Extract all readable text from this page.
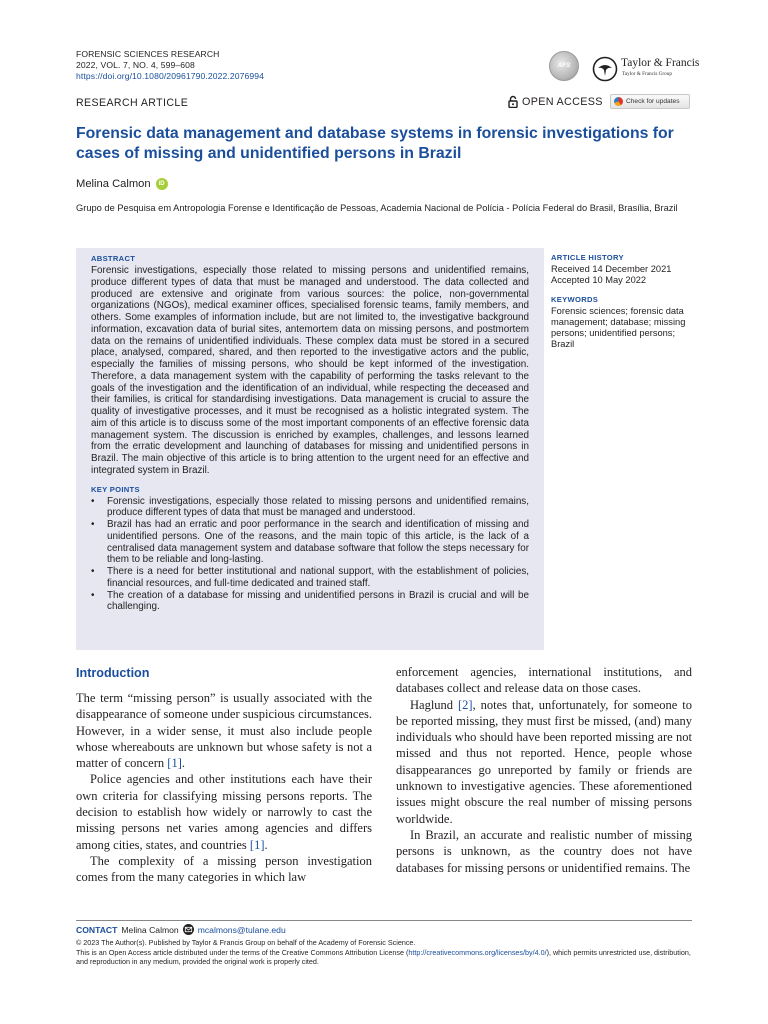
FORENSIC SCIENCES RESEARCH
2022, VOL. 7, NO. 4, 599–608
https://doi.org/10.1080/20961790.2022.2076994
AFS	Taylor & Francis
Taylor & Francis Group
RESEARCH ARTICLE	OPEN ACCESS	Check for updates
Forensic data management and database systems in forensic investigations for cases of missing and unidentified persons in Brazil
Melina Calmon	iD
Grupo de Pesquisa em Antropologia Forense e Identificação de Pessoas, Academia Nacional de Polícia - Polícia Federal do Brasil, Brasília, Brazil
ABSTRACT

Forensic investigations, especially those related to missing persons and unidentified remains, produce different types of data that must be managed and understood. The data collected and produced are extensive and originate from various sources: the police, non-governmental organizations (NGOs), medical examiner offices, specialised forensic teams, family members, and others. Some examples of information include, but are not limited to, the investigative background information, excavation data of burial sites, antemortem data on missing persons, and postmortem data on the remains of unidentified individuals. These complex data must be stored in a secured place, analysed, compared, shared, and then reported to the investigative actors and the public, especially the families of missing persons, who should be kept informed of the investigation. Therefore, a data management system with the capability of performing the tasks relevant to the goals of the investigation and the identification of an individual, while respecting the deceased and their families, is critical for standardising investigations. Data management is crucial to assure the quality of investigative processes, and it must be recognised as a holistic integrated system. The aim of this article is to discuss some of the most important components of an effective forensic data management system. The discussion is enriched by examples, challenges, and lessons learned from the erratic development and launching of databases for missing and unidentified persons in Brazil. The main objective of this article is to bring attention to the urgent need for an effective and integrated system in Brazil.

KEY POINTS
• Forensic investigations, especially those related to missing persons and unidentified remains, produce different types of data that must be managed and understood.
• Brazil has had an erratic and poor performance in the search and identification of missing and unidentified persons. One of the reasons, and the main topic of this article, is the lack of a centralised data management system and database software that follow the steps necessary for them to be reliable and long-lasting.
• There is a need for better institutional and national support, with the establishment of policies, financial resources, and full-time dedicated and trained staff.
• The creation of a database for missing and unidentified persons in Brazil is crucial and will be challenging.
ARTICLE HISTORY
Received 14 December 2021
Accepted 10 May 2022
KEYWORDS
Forensic sciences; forensic data management; database; missing persons; unidentified persons; Brazil
Introduction

The term “missing person” is usually associated with the disappearance of someone under suspicious circumstances. However, in a wider sense, it must also include people whose whereabouts are unknown but whose safety is not a matter of concern [1].

Police agencies and other institutions each have their own criteria for classifying missing persons reports. The decision to establish how widely or narrowly to cast the missing persons net varies among agencies and differs among cities, states, and countries [1].

The complexity of a missing person investigation comes from the many categories in which law

enforcement agencies, international institutions, and databases collect and release data on those cases.

Haglund [2], notes that, unfortunately, for someone to be reported missing, they must first be missed, (and) many individuals who should have been reported missing are not missed and thus not reported. Hence, people whose disappearances go unreported by family or friends are unknown to investigative agencies. These aforementioned issues might obscure the real number of missing persons worldwide.

In Brazil, an accurate and realistic number of missing persons is unknown, as the country does not have databases for missing persons or unidentified remains. The

CONTACT Melina Calmon mcalmons@tulane.edu
© 2023 The Author(s). Published by Taylor & Francis Group on behalf of the Academy of Forensic Science.
This is an Open Access article distributed under the terms of the Creative Commons Attribution License (http://creativecommons.org/licenses/by/4.0/), which permits unrestricted use, distribution, and reproduction in any medium, provided the original work is properly cited.
